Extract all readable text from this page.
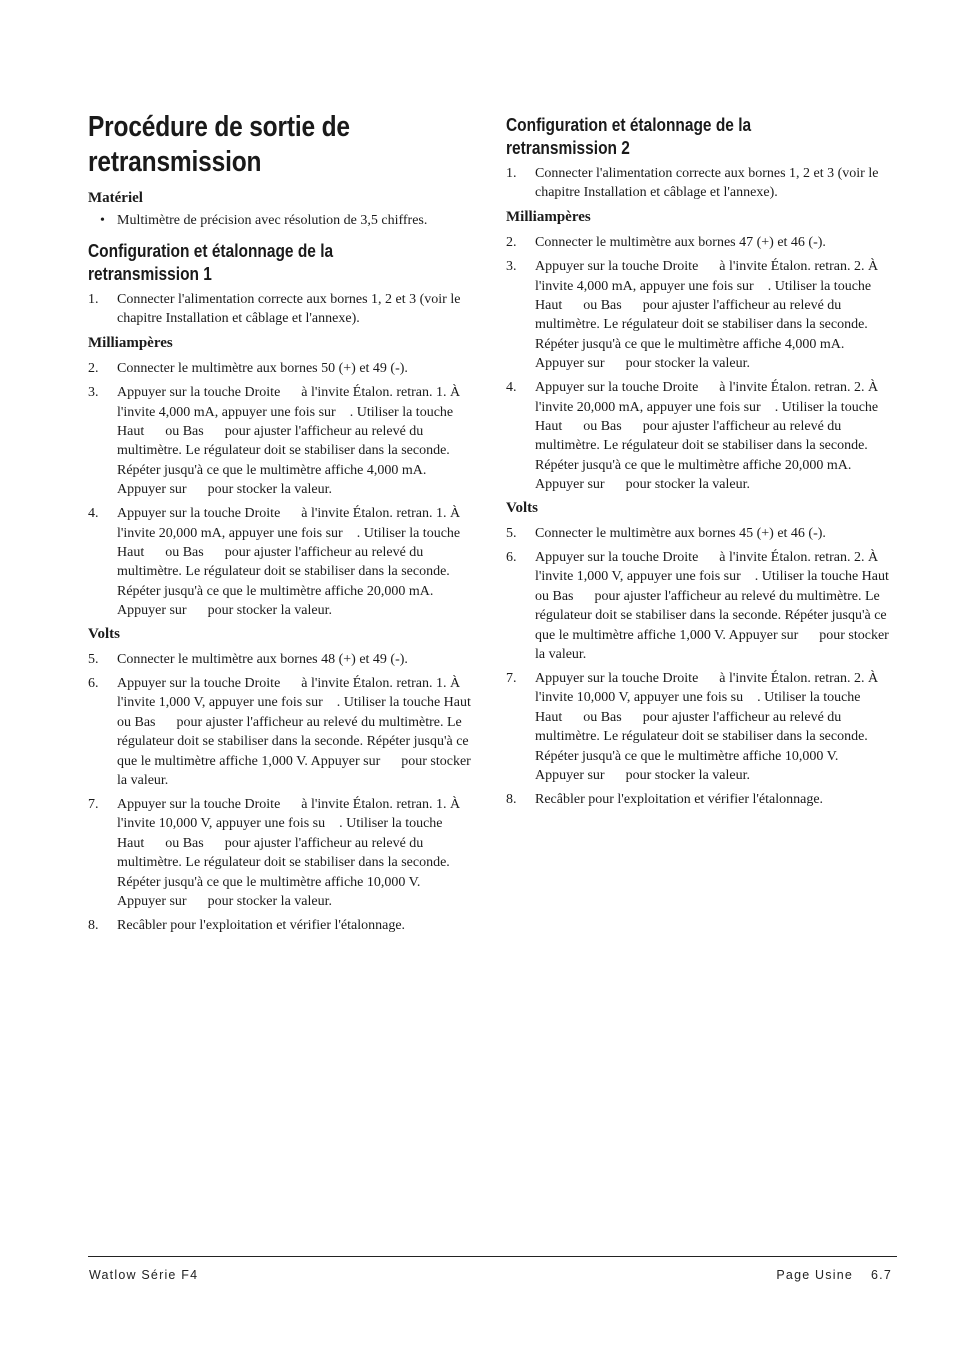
Procédure de sortie de retransmission

Matériel

• Multimètre de précision avec résolution de 3,5 chiffres.
Configuration et étalonnage de la retransmission 1
1. Connecter l'alimentation correcte aux bornes 1, 2 et 3 (voir le chapitre Installation et câblage et l'annexe).

Milliampères

2. Connecter le multimètre aux bornes 50 (+) et 49 (-).
3. Appuyer sur la touche Droite      à l'invite Étalon. retran. 1. À l'invite 4,000 mA, appuyer une fois sur    . Utiliser la touche Haut      ou Bas      pour ajuster l'afficheur au relevé du multimètre. Le régulateur doit se stabiliser dans la seconde. Répéter jusqu'à ce que le multimètre affiche 4,000 mA. Appuyer sur      pour stocker la valeur.
4. Appuyer sur la touche Droite      à l'invite Étalon. retran. 1. À l'invite 20,000 mA, appuyer une fois sur    . Utiliser la touche Haut      ou Bas      pour ajuster l'afficheur au relevé du multimètre. Le régulateur doit se stabiliser dans la seconde. Répéter jusqu'à ce que le multimètre affiche 20,000 mA. Appuyer sur      pour stocker la valeur.

Volts

5. Connecter le multimètre aux bornes 48 (+) et 49 (-).
6. Appuyer sur la touche Droite      à l'invite Étalon. retran. 1. À l'invite 1,000 V, appuyer une fois sur    . Utiliser la touche Haut      ou Bas      pour ajuster l'afficheur au relevé du multimètre. Le régulateur doit se stabiliser dans la seconde. Répéter jusqu'à ce que le multimètre affiche 1,000 V. Appuyer sur      pour stocker la valeur.
7. Appuyer sur la touche Droite      à l'invite Étalon. retran. 1. À l'invite 10,000 V, appuyer une fois su    . Utiliser la touche Haut      ou Bas      pour ajuster l'afficheur au relevé du multimètre. Le régulateur doit se stabiliser dans la seconde. Répéter jusqu'à ce que le multimètre affiche 10,000 V. Appuyer sur      pour stocker la valeur.
8. Recâbler pour l'exploitation et vérifier l'étalonnage.
Configuration et étalonnage de la retransmission 2
1. Connecter l'alimentation correcte aux bornes 1, 2 et 3 (voir le chapitre Installation et câblage et l'annexe).

Milliampères

2. Connecter le multimètre aux bornes 47 (+) et 46 (-).
3. Appuyer sur la touche Droite      à l'invite Étalon. retran. 2. À l'invite 4,000 mA, appuyer une fois sur    . Utiliser la touche Haut      ou Bas      pour ajuster l'afficheur au relevé du multimètre. Le régulateur doit se stabiliser dans la seconde. Répéter jusqu'à ce que le multimètre affiche 4,000 mA. Appuyer sur      pour stocker la valeur.
4. Appuyer sur la touche Droite      à l'invite Étalon. retran. 2. À l'invite 20,000 mA, appuyer une fois sur    . Utiliser la touche Haut      ou Bas      pour ajuster l'afficheur au relevé du multimètre. Le régulateur doit se stabiliser dans la seconde. Répéter jusqu'à ce que le multimètre affiche 20,000 mA. Appuyer sur      pour stocker la valeur.

Volts

5. Connecter le multimètre aux bornes 45 (+) et 46 (-).
6. Appuyer sur la touche Droite      à l'invite Étalon. retran. 2. À l'invite 1,000 V, appuyer une fois sur    . Utiliser la touche Haut      ou Bas      pour ajuster l'afficheur au relevé du multimètre. Le régulateur doit se stabiliser dans la seconde. Répéter jusqu'à ce que le multimètre affiche 1,000 V. Appuyer sur      pour stocker la valeur.
7. Appuyer sur la touche Droite      à l'invite Étalon. retran. 2. À l'invite 10,000 V, appuyer une fois su    . Utiliser la touche Haut      ou Bas      pour ajuster l'afficheur au relevé du multimètre. Le régulateur doit se stabiliser dans la seconde. Répéter jusqu'à ce que le multimètre affiche 10,000 V. Appuyer sur      pour stocker la valeur.
8. Recâbler pour l'exploitation et vérifier l'étalonnage.
Watlow Série F4	Page Usine 6.7
